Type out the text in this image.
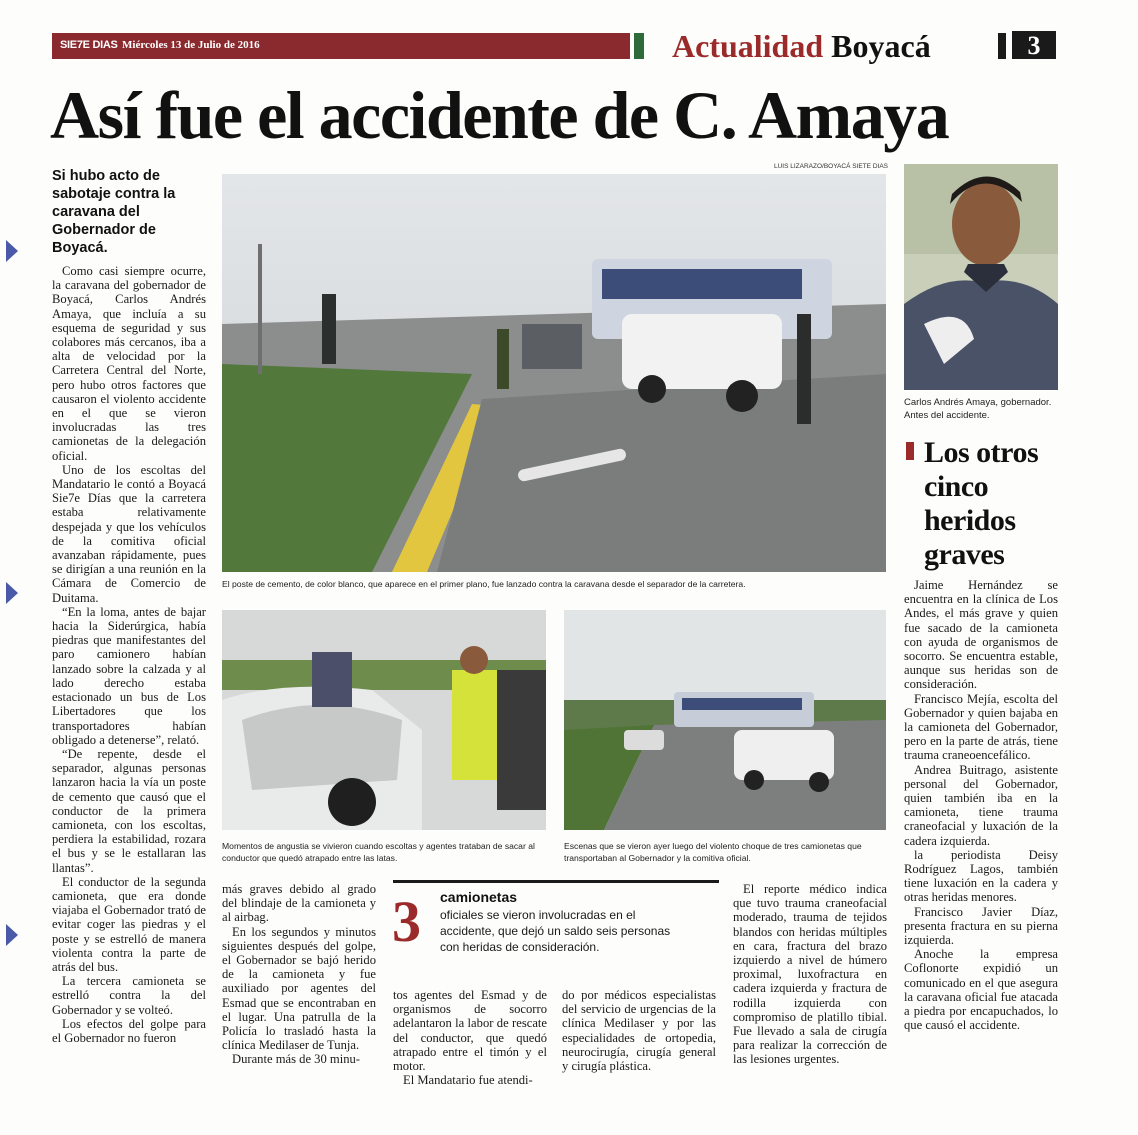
SIE7E DIAS Miércoles 13 de Julio de 2016	Actualidad Boyacá	3
Así fue el accidente de C. Amaya
Si hubo acto de sabotaje contra la caravana del Gobernador de Boyacá.

Como casi siempre ocurre, la caravana del gobernador de Boyacá, Carlos Andrés Amaya, que incluía a su esquema de seguridad y sus colabores más cercanos, iba a alta de velocidad por la Carretera Central del Norte, pero hubo otros factores que causaron el violento accidente en el que se vieron involucradas las tres camionetas de la delegación oficial.

Uno de los escoltas del Mandatario le contó a Boyacá Sie7e Días que la carretera estaba relativamente despejada y que los vehículos de la comitiva oficial avanzaban rápidamente, pues se dirigían a una reunión en la Cámara de Comercio de Duitama.

“En la loma, antes de bajar hacia la Siderúrgica, había piedras que manifestantes del paro camionero habían lanzado sobre la calzada y al lado derecho estaba estacionado un bus de Los Libertadores que los transportadores habían obligado a detenerse”, relató.

“De repente, desde el separador, algunas personas lanzaron hacia la vía un poste de cemento que causó que el conductor de la primera camioneta, con los escoltas, perdiera la estabilidad, rozara el bus y se le estallaran las llantas”.

El conductor de la segunda camioneta, que era donde viajaba el Gobernador trató de evitar coger las piedras y el poste y se estrelló de manera violenta contra la parte de atrás del bus.

La tercera camioneta se estrelló contra la del Gobernador y se volteó.

Los efectos del golpe para el Gobernador no fueron

LUIS LIZARAZO/BOYACÁ SIETE DIAS
El poste de cemento, de color blanco, que aparece en el primer plano, fue lanzado contra la caravana desde el separador de la carretera.
Carlos Andrés Amaya, gobernador. Antes del accidente.
Momentos de angustia se vivieron cuando escoltas y agentes trataban de sacar al conductor que quedó atrapado entre las latas.
Escenas que se vieron ayer luego del violento choque de tres camionetas que transportaban al Gobernador y la comitiva oficial.

más graves debido al grado del blindaje de la camioneta y al airbag.

En los segundos y minutos siguientes después del golpe, el Gobernador se bajó herido de la camioneta y fue auxiliado por agentes del Esmad que se encontraban en el lugar. Una patrulla de la Policía lo trasladó hasta la clínica Medilaser de Tunja.

Durante más de 30 minu-

3 camionetas
oficiales se vieron involucradas en el accidente, que dejó un saldo seis personas con heridas de consideración.

tos agentes del Esmad y de organismos de socorro adelantaron la labor de rescate del conductor, que quedó atrapado entre el timón y el motor.

El Mandatario fue atendi-

do por médicos especialistas del servicio de urgencias de la clínica Medilaser y por las especialidades de ortopedia, neurocirugía, cirugía general y cirugía plástica.

El reporte médico indica que tuvo trauma craneofacial moderado, trauma de tejidos blandos con heridas múltiples en cara, fractura del brazo izquierdo a nivel de húmero proximal, luxofractura en cadera izquierda y fractura de rodilla izquierda con compromiso de platillo tibial. Fue llevado a sala de cirugía para realizar la corrección de las lesiones urgentes.

Los otros cinco heridos graves

Jaime Hernández se encuentra en la clínica de Los Andes, el más grave y quien fue sacado de la camioneta con ayuda de organismos de socorro. Se encuentra estable, aunque sus heridas son de consideración.

Francisco Mejía, escolta del Gobernador y quien bajaba en la camioneta del Gobernador, pero en la parte de atrás, tiene trauma craneoencefálico.

Andrea Buitrago, asistente personal del Gobernador, quien también iba en la camioneta, tiene trauma craneofacial y luxación de la cadera izquierda.

la periodista Deisy Rodríguez Lagos, también tiene luxación en la cadera y otras heridas menores.

Francisco Javier Díaz, presenta fractura en su pierna izquierda.

Anoche la empresa Coflonorte expidió un comunicado en el que asegura la caravana oficial fue atacada a piedra por encapuchados, lo que causó el accidente.
